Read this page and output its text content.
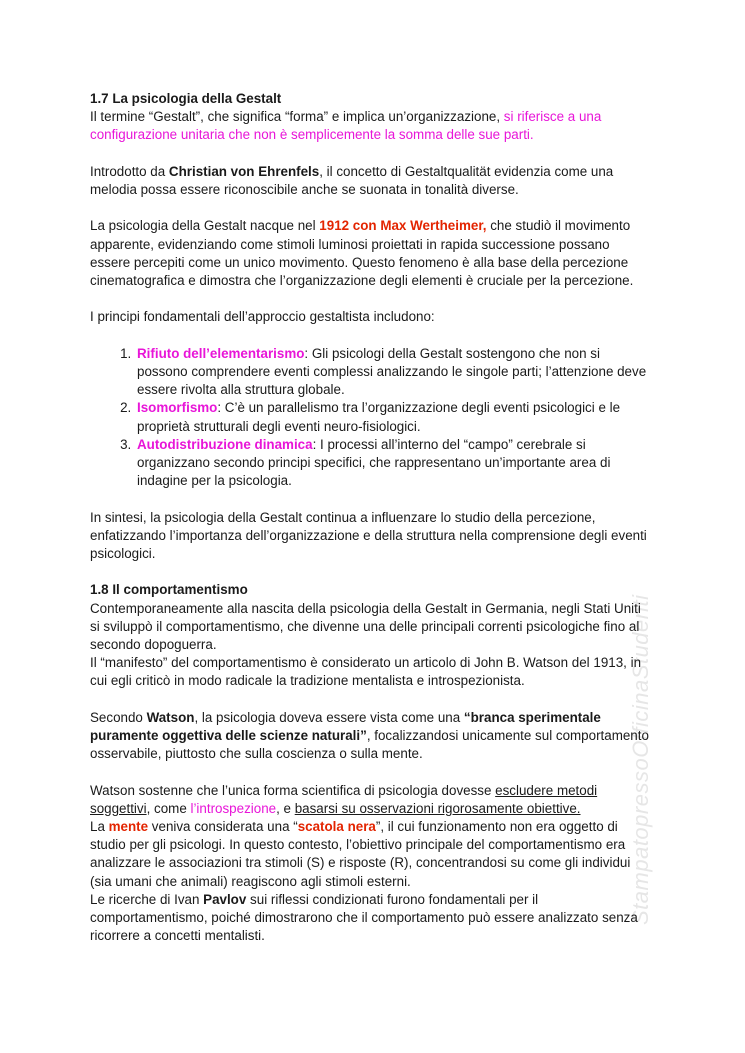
StampatopressoOfficinaStudenti
1.7 La psicologia della Gestalt
Il termine “Gestalt”, che significa “forma” e implica un’organizzazione, si riferisce a una configurazione unitaria che non è semplicemente la somma delle sue parti.

Introdotto da Christian von Ehrenfels, il concetto di Gestaltqualität evidenzia come una melodia possa essere riconoscibile anche se suonata in tonalità diverse.

La psicologia della Gestalt nacque nel 1912 con Max Wertheimer, che studiò il movimento apparente, evidenziando come stimoli luminosi proiettati in rapida successione possano essere percepiti come un unico movimento. Questo fenomeno è alla base della percezione cinematografica e dimostra che l’organizzazione degli elementi è cruciale per la percezione.

I principi fondamentali dell’approccio gestaltista includono:

1. Rifiuto dell’elementarismo: Gli psicologi della Gestalt sostengono che non si possono comprendere eventi complessi analizzando le singole parti; l’attenzione deve essere rivolta alla struttura globale.
2. Isomorfismo: C’è un parallelismo tra l’organizzazione degli eventi psicologici e le proprietà strutturali degli eventi neuro-fisiologici.
3. Autodistribuzione dinamica: I processi all’interno del “campo” cerebrale si organizzano secondo principi specifici, che rappresentano un’importante area di indagine per la psicologia.

In sintesi, la psicologia della Gestalt continua a influenzare lo studio della percezione, enfatizzando l’importanza dell’organizzazione e della struttura nella comprensione degli eventi psicologici.

1.8 Il comportamentismo
Contemporaneamente alla nascita della psicologia della Gestalt in Germania, negli Stati Uniti si sviluppò il comportamentismo, che divenne una delle principali correnti psicologiche fino al secondo dopoguerra.
Il “manifesto” del comportamentismo è considerato un articolo di John B. Watson del 1913, in cui egli criticò in modo radicale la tradizione mentalista e introspezionista.

Secondo Watson, la psicologia doveva essere vista come una “branca sperimentale puramente oggettiva delle scienze naturali”, focalizzandosi unicamente sul comportamento osservabile, piuttosto che sulla coscienza o sulla mente.

Watson sostenne che l’unica forma scientifica di psicologia dovesse escludere metodi soggettivi, come l’introspezione, e basarsi su osservazioni rigorosamente obiettive.
La mente veniva considerata una “scatola nera”, il cui funzionamento non era oggetto di studio per gli psicologi. In questo contesto, l’obiettivo principale del comportamentismo era analizzare le associazioni tra stimoli (S) e risposte (R), concentrandosi su come gli individui (sia umani che animali) reagiscono agli stimoli esterni.
Le ricerche di Ivan Pavlov sui riflessi condizionati furono fondamentali per il comportamentismo, poiché dimostrarono che il comportamento può essere analizzato senza ricorrere a concetti mentalisti.
